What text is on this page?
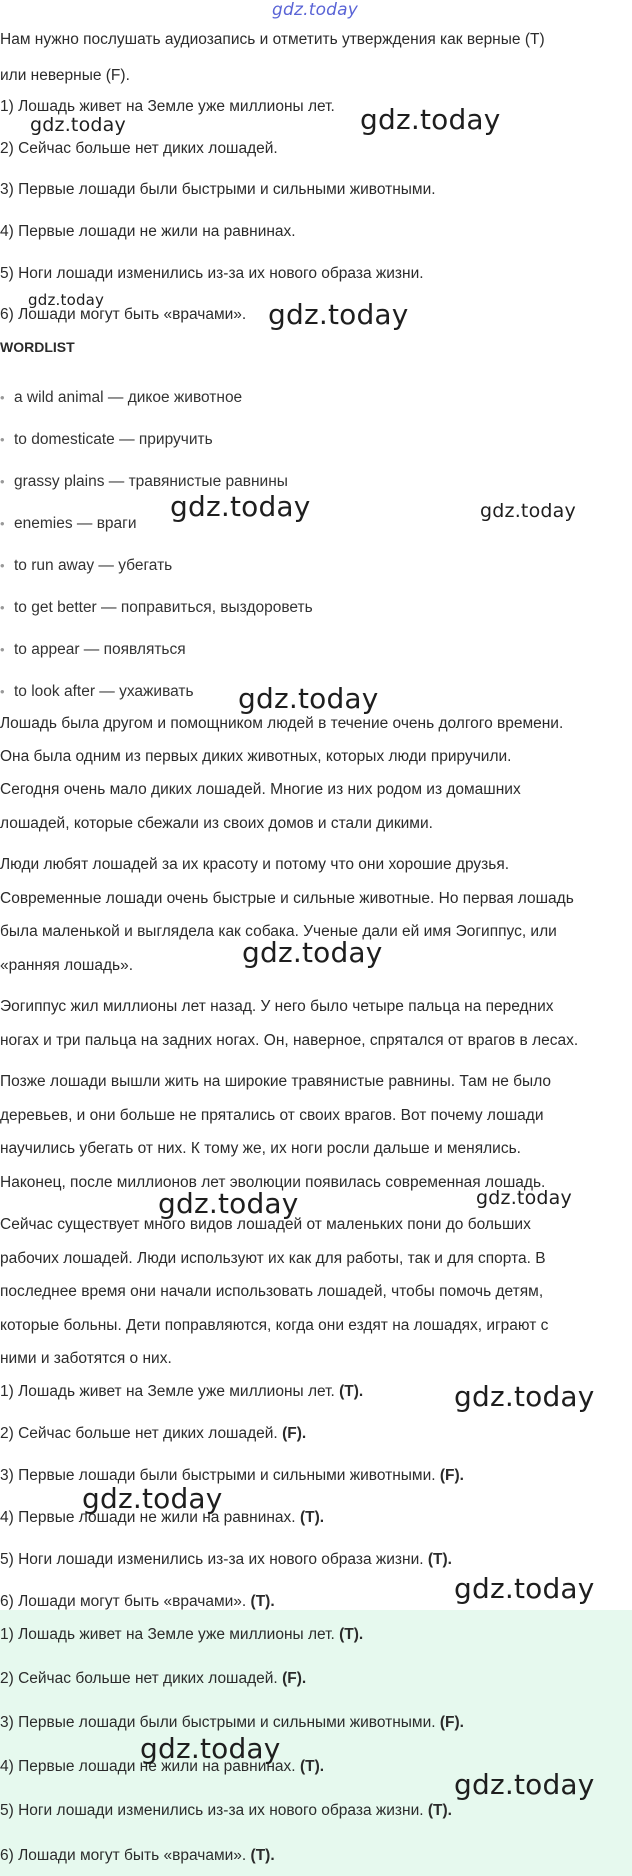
gdz.today
Нам нужно послушать аудиозапись и отметить утверждения как верные (T)
или неверные (F).
1) Лошадь живет на Земле уже миллионы лет.
2) Сейчас больше нет диких лошадей.
3) Первые лошади были быстрыми и сильными животными.
4) Первые лошади не жили на равнинах.
5) Ноги лошади изменились из-за их нового образа жизни.
6) Лошади могут быть «врачами».
WORDLIST
• a wild animal — дикое животное
• to domesticate — приручить
• grassy plains — травянистые равнины
• enemies — враги
• to run away — убегать
• to get better — поправиться, выздороветь
• to appear — появляться
• to look after — ухаживать
Лошадь была другом и помощником людей в течение очень долгого времени.
Она была одним из первых диких животных, которых люди приручили.
Сегодня очень мало диких лошадей. Многие из них родом из домашних
лошадей, которые сбежали из своих домов и стали дикими.
Люди любят лошадей за их красоту и потому что они хорошие друзья.
Современные лошади очень быстрые и сильные животные. Но первая лошадь
была маленькой и выглядела как собака. Ученые дали ей имя Эогиппус, или
«ранняя лошадь».
Эогиппус жил миллионы лет назад. У него было четыре пальца на передних
ногах и три пальца на задних ногах. Он, наверное, спрятался от врагов в лесах.
Позже лошади вышли жить на широкие травянистые равнины. Там не было
деревьев, и они больше не прятались от своих врагов. Вот почему лошади
научились убегать от них. К тому же, их ноги росли дальше и менялись.
Наконец, после миллионов лет эволюции появилась современная лошадь.
Сейчас существует много видов лошадей от маленьких пони до больших
рабочих лошадей. Люди используют их как для работы, так и для спорта. В
последнее время они начали использовать лошадей, чтобы помочь детям,
которые больны. Дети поправляются, когда они ездят на лошадях, играют с
ними и заботятся о них.
1) Лошадь живет на Земле уже миллионы лет. (T).
2) Сейчас больше нет диких лошадей. (F).
3) Первые лошади были быстрыми и сильными животными. (F).
4) Первые лошади не жили на равнинах. (T).
5) Ноги лошади изменились из-за их нового образа жизни. (T).
6) Лошади могут быть «врачами». (T).
1) Лошадь живет на Земле уже миллионы лет. (T).
2) Сейчас больше нет диких лошадей. (F).
3) Первые лошади были быстрыми и сильными животными. (F).
4) Первые лошади не жили на равнинах. (T).
5) Ноги лошади изменились из-за их нового образа жизни. (T).
6) Лошади могут быть «врачами». (T).
gdz.today	gdz.today
gdz.today	gdz.today
gdz.today	gdz.today
gdz.today
gdz.today
gdz.today	gdz.today
gdz.today
gdz.today
gdz.today
gdz.today
gdz.today
